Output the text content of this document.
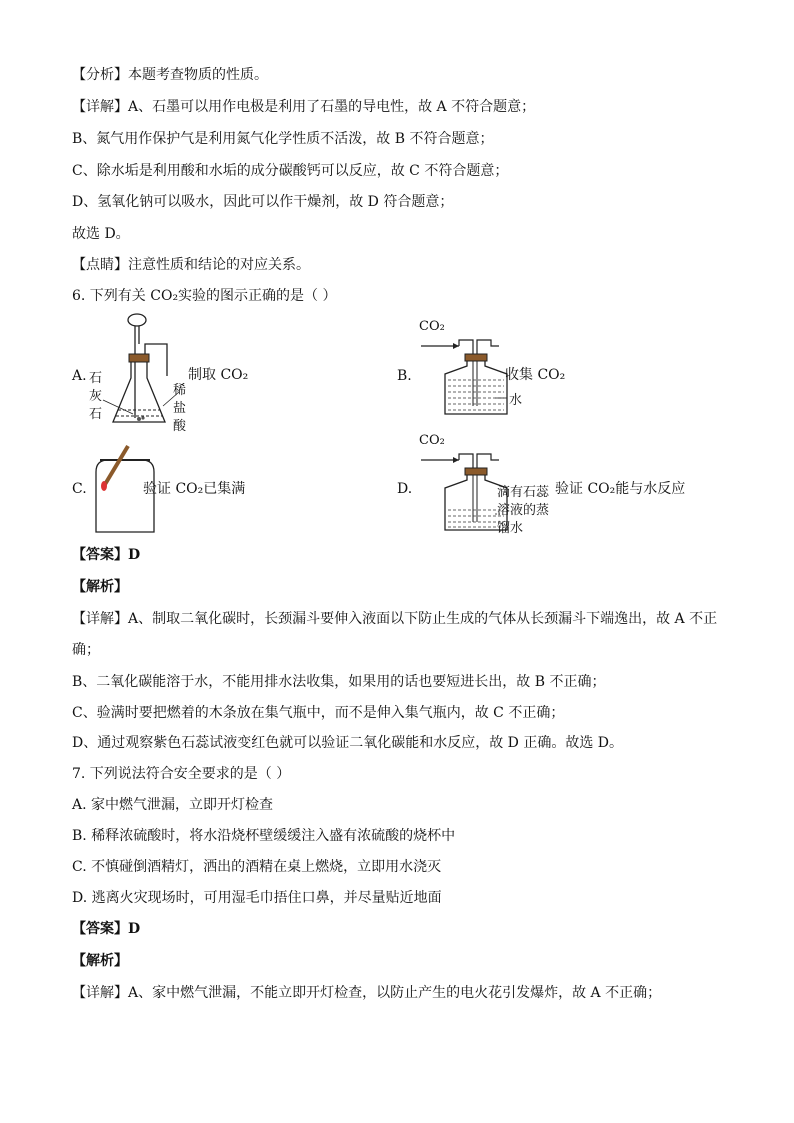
【分析】本题考查物质的性质。
【详解】A、石墨可以用作电极是利用了石墨的导电性，故 A 不符合题意；
B、氮气用作保护气是利用氮气化学性质不活泼，故 B 不符合题意；
C、除水垢是利用酸和水垢的成分碳酸钙可以反应，故 C 不符合题意；
D、氢氧化钠可以吸水，因此可以作干燥剂，故 D 符合题意；
故选 D。
【点睛】注意性质和结论的对应关系。
6. 下列有关 CO₂实验的图示正确的是（ ）
A. 石
灰
石
稀
盐
酸
制取 CO₂	B.
CO₂
水
收集 CO₂
C.	验证 CO₂已集满	D.
CO₂
滴有石蕊
溶液的蒸
馏水
验证 CO₂能与水反应
【答案】D
【解析】
【详解】A、制取二氧化碳时，长颈漏斗要伸入液面以下防止生成的气体从长颈漏斗下端逸出，故 A 不正
确；
B、二氧化碳能溶于水，不能用排水法收集，如果用的话也要短进长出，故 B 不正确；
C、验满时要把燃着的木条放在集气瓶中，而不是伸入集气瓶内，故 C 不正确；
D、通过观察紫色石蕊试液变红色就可以验证二氧化碳能和水反应，故 D 正确。故选 D。
7. 下列说法符合安全要求的是（ ）
A. 家中燃气泄漏，立即开灯检查
B. 稀释浓硫酸时，将水沿烧杯壁缓缓注入盛有浓硫酸的烧杯中
C. 不慎碰倒酒精灯，洒出的酒精在桌上燃烧，立即用水浇灭
D. 逃离火灾现场时，可用湿毛巾捂住口鼻，并尽量贴近地面
【答案】D
【解析】
【详解】A、家中燃气泄漏，不能立即开灯检查，以防止产生的电火花引发爆炸，故 A 不正确；
